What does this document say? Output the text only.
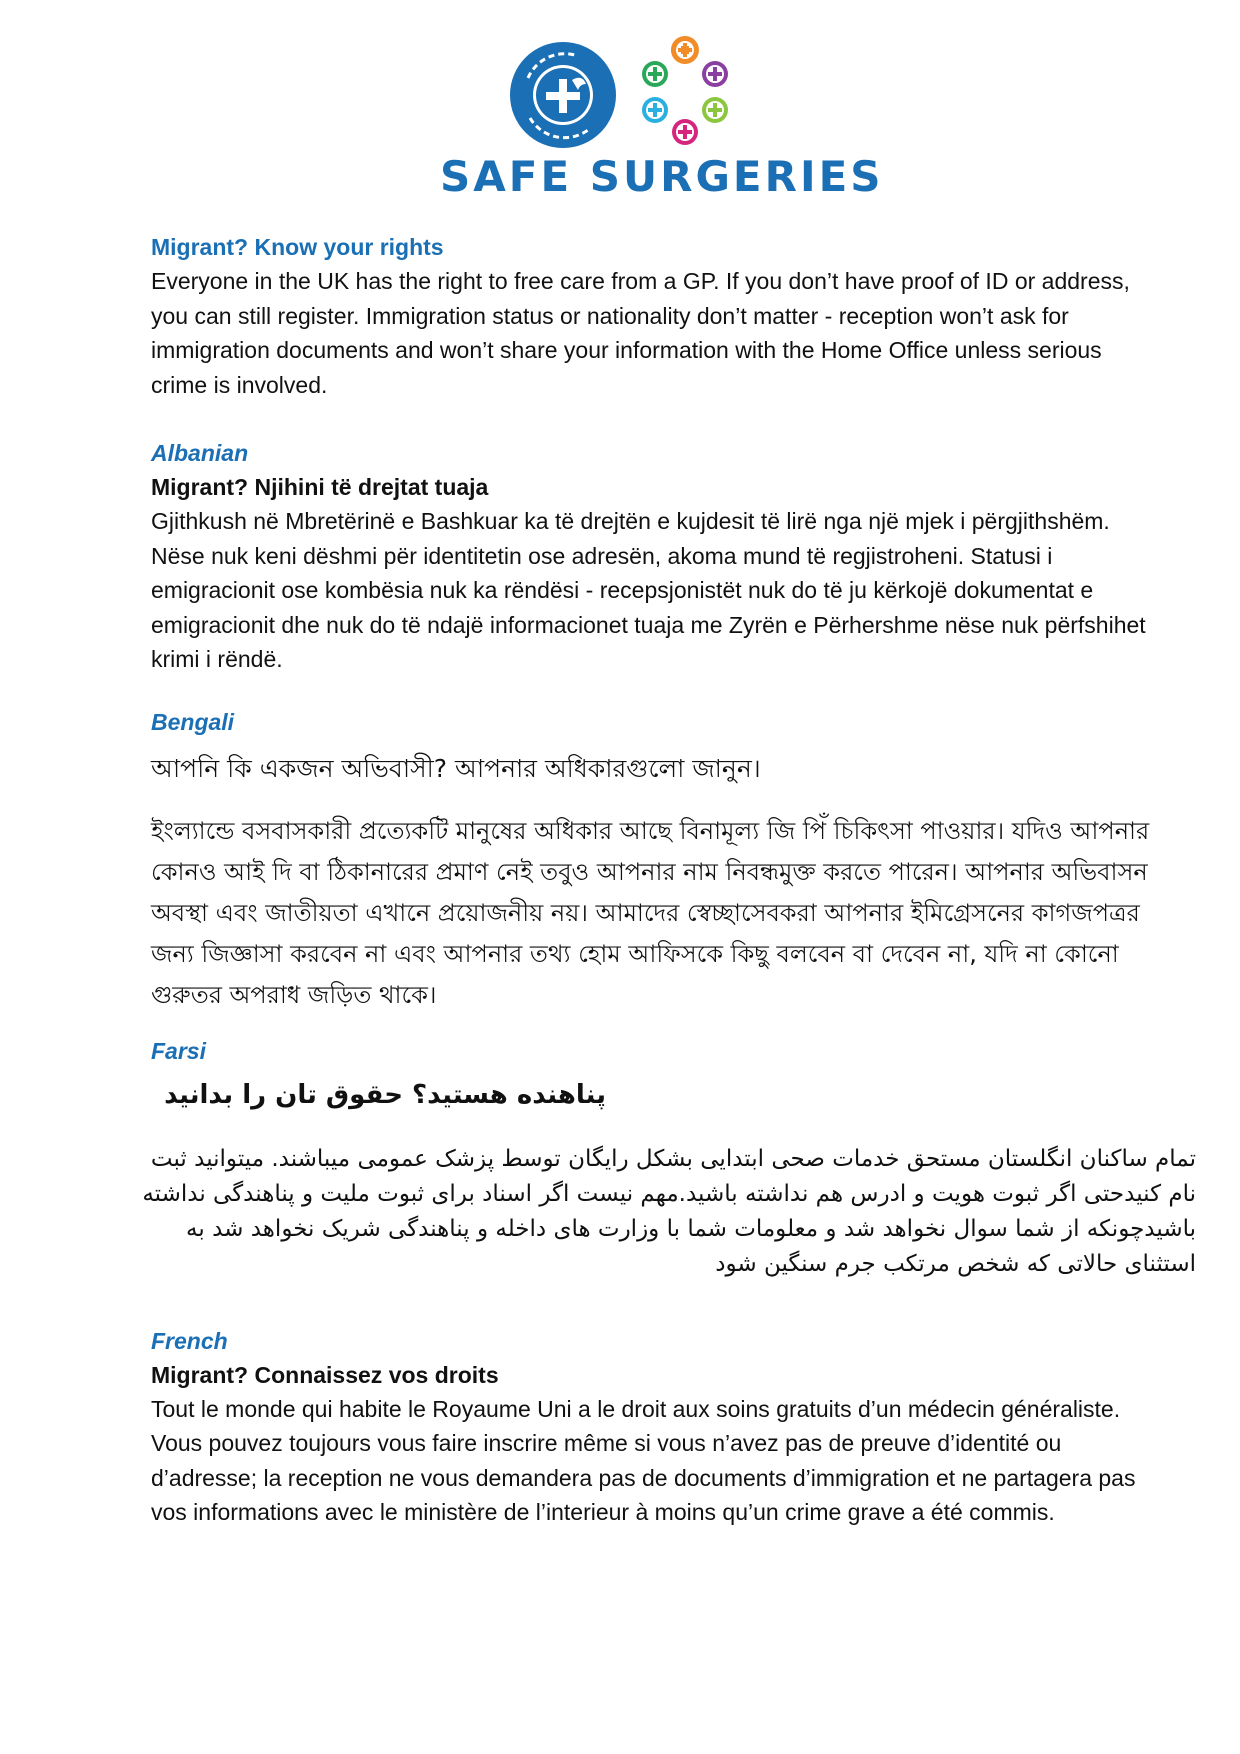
SAFE SURGERIES
Migrant? Know your rights

Everyone in the UK has the right to free care from a GP. If you don’t have proof of ID or address, you can still register. Immigration status or nationality don’t matter - reception won’t ask for immigration documents and won’t share your information with the Home Office unless serious crime is involved.

Albanian
Migrant? Njihini të drejtat tuaja

Gjithkush në Mbretërinë e Bashkuar ka të drejtën e kujdesit të lirë nga një mjek i përgjithshëm. Nëse nuk keni dëshmi për identitetin ose adresën, akoma mund të regjistroheni. Statusi i emigracionit ose kombësia nuk ka rëndësi - recepsjonistët nuk do të ju kërkojë dokumentat e emigracionit dhe nuk do të ndajë informacionet tuaja me Zyrën e Përhershme nëse nuk përfshihet krimi i rëndë.

Bengali
আপনি কি একজন অভিবাসী? আপনার অধিকারগুলো জানুন।
ইংল্যান্ডে বসবাসকারী প্রত্যেকটি মানুষের অধিকার আছে বিনামূল্য জি পিঁ চিকিৎসা পাওয়ার। যদিও আপনার কোনও আই দি বা ঠিকানারের প্রমাণ নেই তবুও আপনার নাম নিবন্ধমুক্ত করতে পারেন। আপনার অভিবাসন অবস্থা এবং জাতীয়তা এখানে প্রয়োজনীয় নয়। আমাদের স্বেচ্ছাসেবকরা আপনার ইমিগ্রেসনের কাগজপত্রর জন্য জিজ্ঞাসা করবেন না এবং আপনার তথ্য হোম আফিসকে কিছু বলবেন বা দেবেন না, যদি না কোনো গুরুতর অপরাধ জড়িত থাকে।
Farsi
پناهنده هستید؟ حقوق تان را بدانید
تمام ساکنان انگلستان مستحق خدمات صحی ابتدایی بشکل رایگان توسط پزشک عمومی میباشند. میتوانید ثبت نام کنیدحتی اگر ثبوت هویت و ادرس هم نداشته باشید.مهم نیست اگر اسناد برای ثبوت ملیت و پناهندگی نداشته باشیدچونکه از شما سوال نخواهد شد و معلومات شما با وزارت های داخله و پناهندگی شریک نخواهد شد به استثنای حالاتی که شخص مرتکب جرم سنگین شود
French
Migrant? Connaissez vos droits

Tout le monde qui habite le Royaume Uni a le droit aux soins gratuits d’un médecin généraliste. Vous pouvez toujours vous faire inscrire même si vous n’avez pas de preuve d’identité ou d’adresse; la reception ne vous demandera pas de documents d’immigration et ne partagera pas vos informations avec le ministère de l’interieur à moins qu’un crime grave a été commis.
